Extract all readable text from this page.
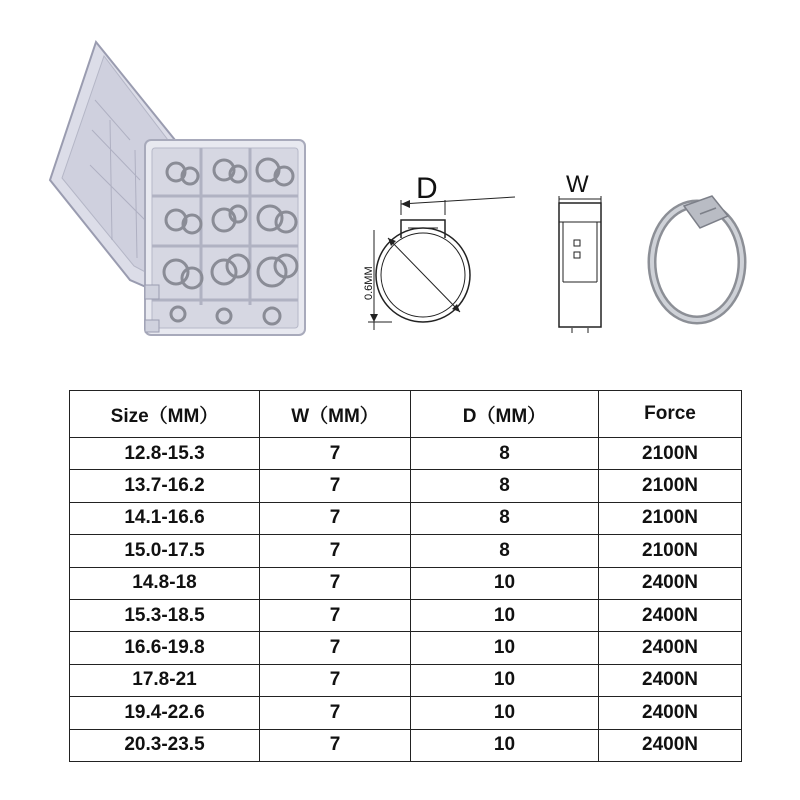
D
0.6MM
W
Size（MM）	W（MM）	D（MM）	Force
12.8-15.3	7	8	2100N
13.7-16.2	7	8	2100N
14.1-16.6	7	8	2100N
15.0-17.5	7	8	2100N
14.8-18	7	10	2400N
15.3-18.5	7	10	2400N
16.6-19.8	7	10	2400N
17.8-21	7	10	2400N
19.4-22.6	7	10	2400N
20.3-23.5	7	10	2400N
